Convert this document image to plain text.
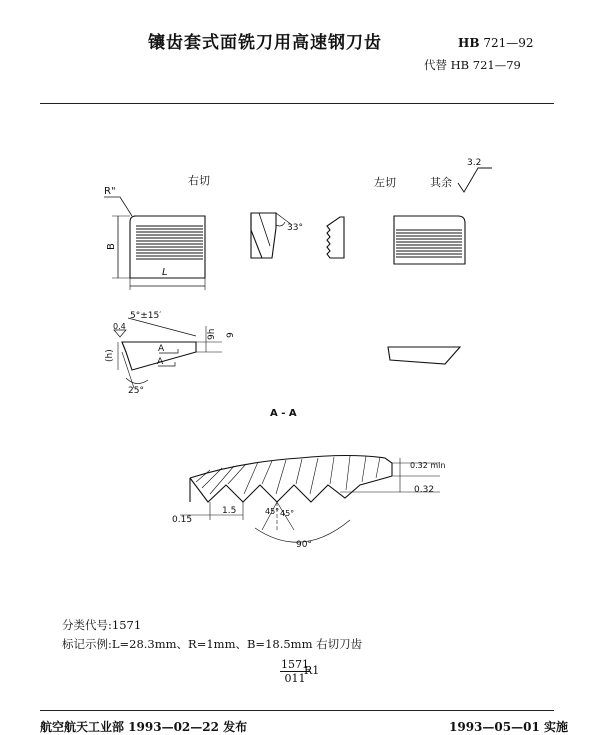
镶齿套式面铣刀用高速钢刀齿	HB 721—92
代替 HB 721—79
R"
B
L
33°
5°±15′
0.4
(h)
25°
A
A
9h 9
A - A
0.32 min
0.32
0.15
1.5	45° 45°
90°
右切	左切	其余
3.2
分类代号:1571
标记示例:L=28.3mm、R=1mm、B=18.5mm 右切刀齿
$\frac{1571}{011}$
R1
航空航天工业部 1993—02—22 发布	1993—05—01 实施
